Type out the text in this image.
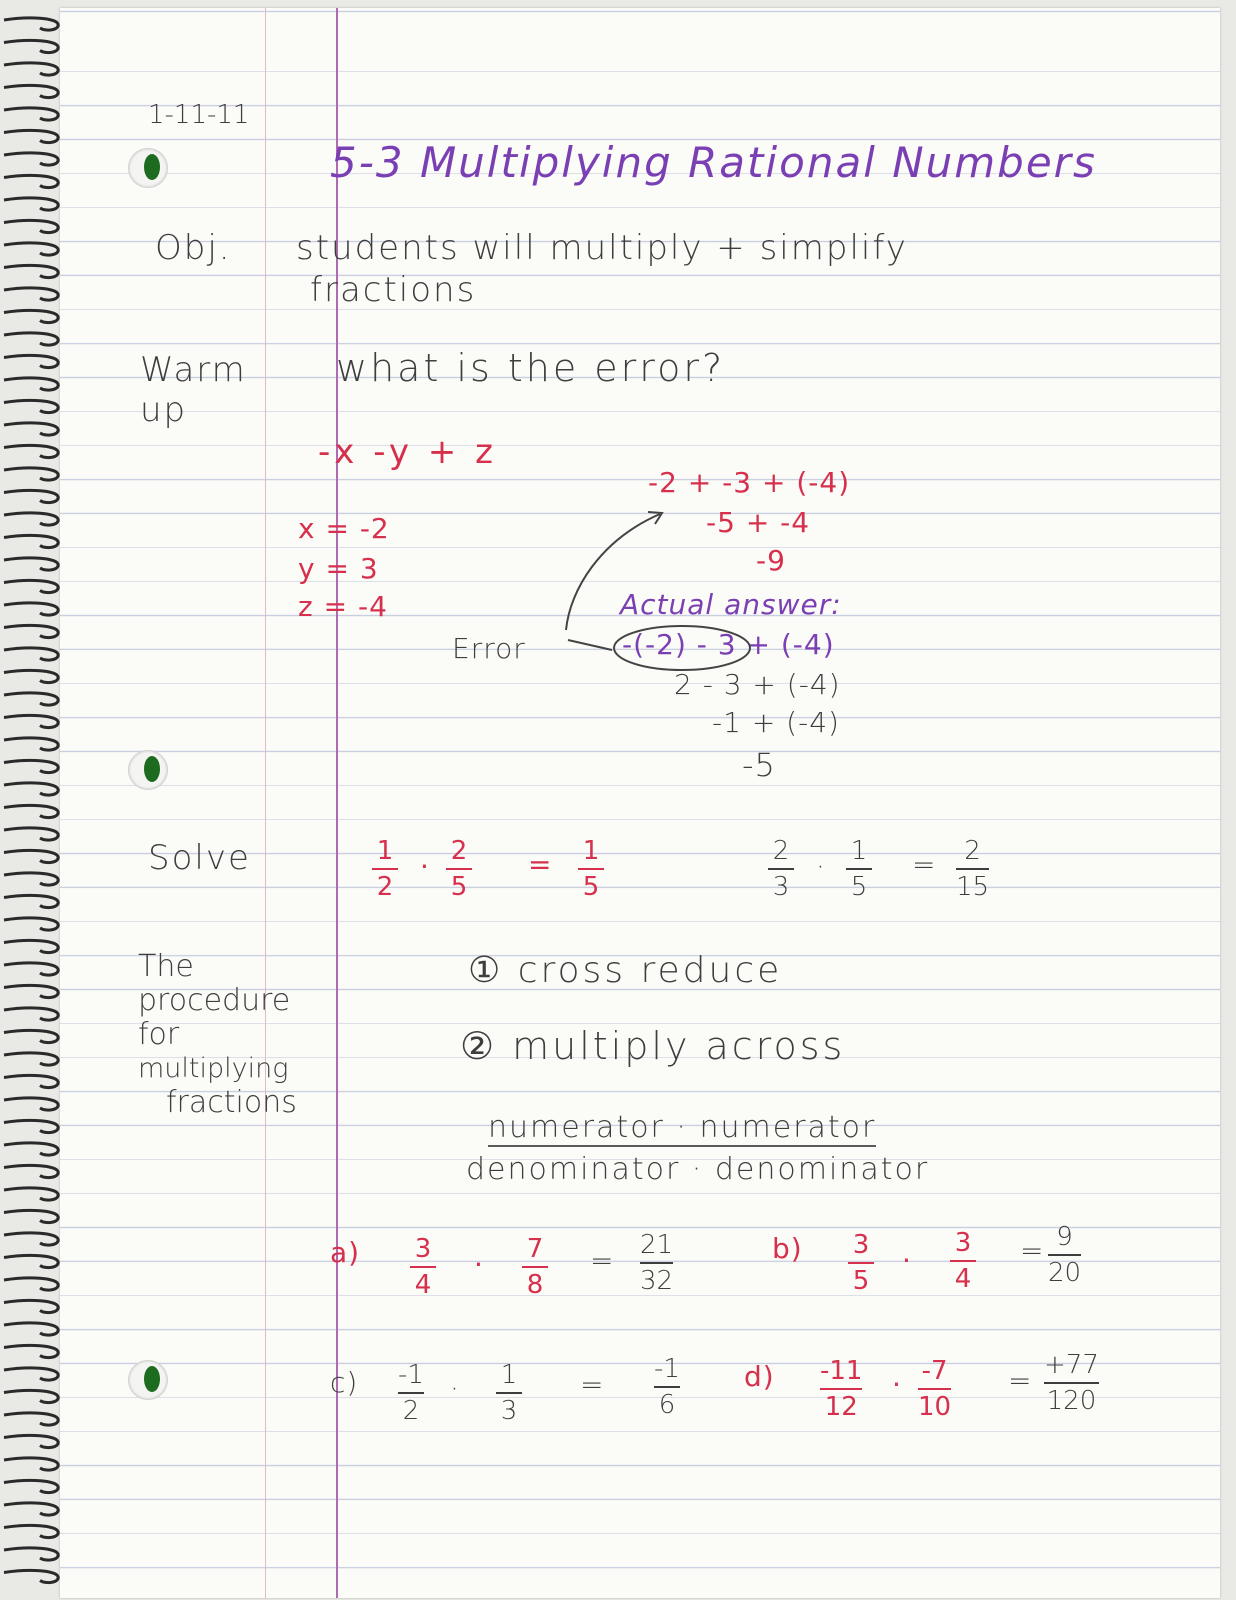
1-11-11
5-3 Multiplying Rational Numbers
Obj.
Warm up
Solve
The
procedure
for
multiplying
fractions
students will multiply + simplify
fractions
what is the error?
-x -y + z
x = -2
y = 3
z = -4
-2 + -3 + (-4)
-5 + -4
-9
Actual answer:
Error	-(-2) - 3 + (-4)
2 - 3 + (-4)
-1 + (-4)
-5
1
2
· 2
5
= 1
5
2
3
· 1
5
= 2
15
① cross reduce
② multiply across
numerator · numerator
denominator · denominator
a) 3
4
· 7
8
= 21
32
b) 3
5
·
3
4
= 9
20
c) -1
2
· 1
3
= -1
6
d) -11
12
· -7
10
= +77
120
